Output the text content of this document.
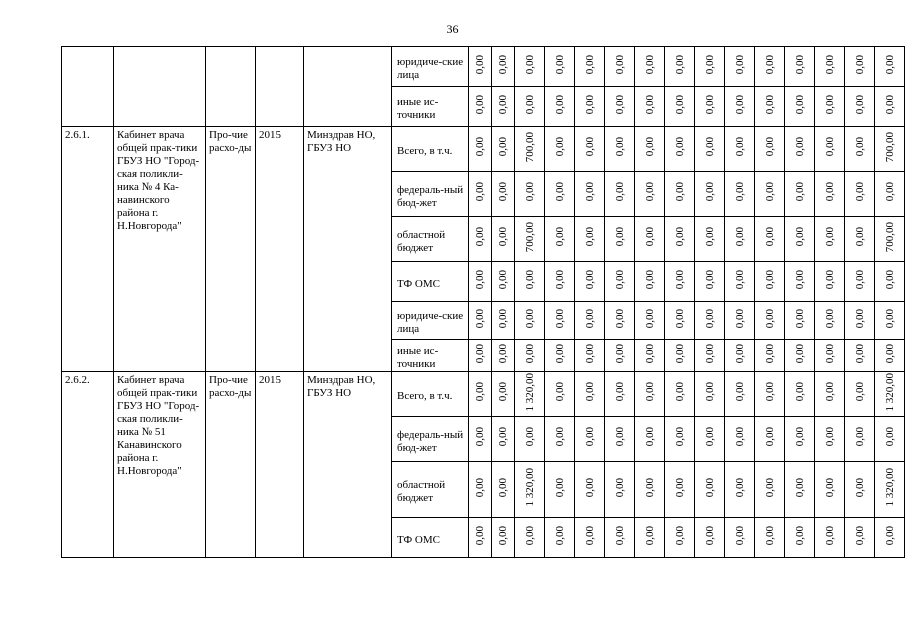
36
					юридиче-ские лица	0,00	0,00	0,00	0,00	0,00	0,00	0,00	0,00	0,00	0,00	0,00	0,00	0,00	0,00	0,00
					иные ис-точники	0,00	0,00	0,00	0,00	0,00	0,00	0,00	0,00	0,00	0,00	0,00	0,00	0,00	0,00	0,00
2.6.1.	Кабинет врача общей прак-тики ГБУЗ НО "Город-ская поликли-ника № 4 Ка-навинского района г. Н.Новгорода"	Про-чие расхо-ды	2015	Минздрав НО, ГБУЗ НО	Всего, в т.ч.	0,00	0,00	700,00	0,00	0,00	0,00	0,00	0,00	0,00	0,00	0,00	0,00	0,00	0,00	700,00
					федераль-ный бюд-жет	0,00	0,00	0,00	0,00	0,00	0,00	0,00	0,00	0,00	0,00	0,00	0,00	0,00	0,00	0,00
					областной бюджет	0,00	0,00	700,00	0,00	0,00	0,00	0,00	0,00	0,00	0,00	0,00	0,00	0,00	0,00	700,00
					ТФ ОМС	0,00	0,00	0,00	0,00	0,00	0,00	0,00	0,00	0,00	0,00	0,00	0,00	0,00	0,00	0,00
					юридиче-ские лица	0,00	0,00	0,00	0,00	0,00	0,00	0,00	0,00	0,00	0,00	0,00	0,00	0,00	0,00	0,00
					иные ис-точники	0,00	0,00	0,00	0,00	0,00	0,00	0,00	0,00	0,00	0,00	0,00	0,00	0,00	0,00	0,00
2.6.2.	Кабинет врача общей прак-тики ГБУЗ НО "Город-ская поликли-ника № 51 Канавинского района г. Н.Новгорода"	Про-чие расхо-ды	2015	Минздрав НО, ГБУЗ НО	Всего, в т.ч.	0,00	0,00	1 320,00	0,00	0,00	0,00	0,00	0,00	0,00	0,00	0,00	0,00	0,00	0,00	1 320,00
					федераль-ный бюд-жет	0,00	0,00	0,00	0,00	0,00	0,00	0,00	0,00	0,00	0,00	0,00	0,00	0,00	0,00	0,00
					областной бюджет	0,00	0,00	1 320,00	0,00	0,00	0,00	0,00	0,00	0,00	0,00	0,00	0,00	0,00	0,00	1 320,00
					ТФ ОМС	0,00	0,00	0,00	0,00	0,00	0,00	0,00	0,00	0,00	0,00	0,00	0,00	0,00	0,00	0,00
